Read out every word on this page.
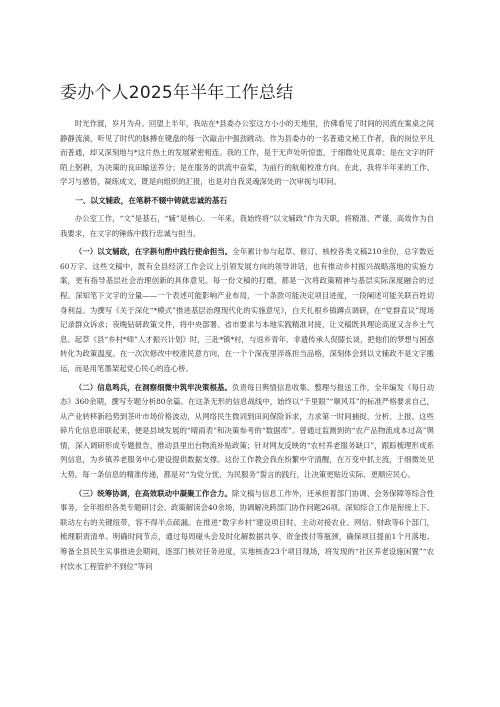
委办个人2025年半年工作总结

时光作渡，岁月为舟。回望上半年，我站在*县委办公室这方小小的天地里，仿佛看见了时间的河流在案桌之间静静流淌，听见了时代的脉搏在键盘的每一次敲击中强劲跳动。作为县委办的一名普通文秘工作者，我的岗位平凡而普通，却又深刻地与*这片热土的发展紧密相连。我的工作，是于无声处听惊雷，于细微处见真章；是在文字的阡陌上躬耕，为决策的良田输送养分；是在服务的洪流中奋桨，为前行的航船校准方向。在此，我将半年来的工作、学习与感悟，凝练成文，既是向组织的汇报，也是对自我灵魂深处的一次审视与叩问。

一、以文辅政，在笔耕不辍中铸就忠诚的基石

办公室工作，“文”是基石，“辅”是核心。一年来，我始终将“以文辅政”作为天职，将精准、严谨、高效作为自我要求，在文字的锤炼中践行忠诚与担当。

（一）以文辅政，在字斟句酌中践行使命担当。全年累计参与起草、修订、核校各类文稿210余份，总字数近60万字。这些文稿中，既有全县经济工作会议上引领发展方向的领导讲话，也有推动乡村振兴战略落地的实施方案，更有指导基层社会治理创新的具体意见。每一份文稿的打磨，都是一次将政策精神与基层实际深度融合的过程。深知笔下文字的分量——一个表述可能影响产业布局，一个条款可能决定项目进度，一段阐述可能关联百姓切身利益。为撰写《关于深化“*模式”推进基层治理现代化的实施意见》，白天扎根乡镇蹲点调研，在“党群直议”现场记录群众诉求；夜晚钻研政策文件，将中央部署、省市要求与本地实践精准对接，让文稿既具理论高度又含乡土气息。起草《县“乡村*师”人才振兴计划》时，三赴*镇*村，与返乡青年、非遗传承人促膝长谈，把他们的梦想与困惑转化为政策温度。在一次次修改中校准民意方向，在一个个深夜里淬炼担当品格，深刻体会到以文辅政不是文字搬运，而是用笔墨架起党心民心的连心桥。

（二）信息鸣兵，在洞察细微中筑牢决策根基。负责每日舆情信息收集、整理与报送工作，全年编发《每日动态》360余期，撰写专题分析80余篇。在这条无形的信息战线中，始终以“千里眼”“顺风耳”的标准严格要求自己，从产业转移新趋势到茶叶市场价格波动，从网络民生微词到田间保险诉求，力求第一时间捕捉、分析、上报。这些碎片化信息串联起来，便是县域发展的“晴雨表”和决策参考的“数据库”。曾通过监测到的“农产品物流成本过高”舆情，深入调研形成专题报告，推动县里出台物流补贴政策；针对网友反映的“农村养老服务缺口”，跟踪梳理形成系列信息，为乡镇养老服务中心建设提供数据支撑。这份工作教会我在纷繁中守清醒，在万变中抓主流，于细微处见大势。每一条信息的精准传递，都是对“为党分忧、为民服务”誓言的践行，让决策更贴近实际、更顺应民心。

（三）统筹协调，在高效联动中凝聚工作合力。除文稿与信息工作外，还承担着部门协调、会务保障等综合性事务，全年组织各类专题研讨会、政策解读会40余场，协调解决跨部门协作问题26项。深知综合工作是衔接上下、联动左右的关键纽带，容不得半点疏漏。在推进“数字乡村”建设项目时，主动对接农业、网信、财政等6个部门，梳理职责清单、明确时间节点，通过每周碰头会及时化解数据共享、资金拨付等瓶颈，确保项目提前1个月落地。筹备全县民生实事推进会期间，逐部门核对任务进度，实地核查23个项目现场，将发现的“社区养老设施闲置”“农村饮水工程管护不到位”等问
